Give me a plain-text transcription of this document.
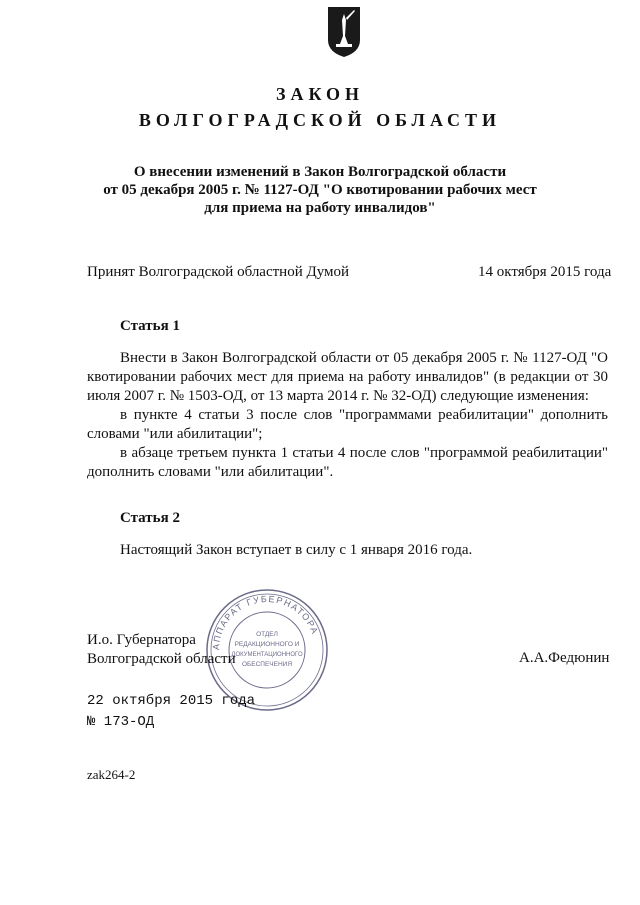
ЗАКОН
ВОЛГОГРАДСКОЙ ОБЛАСТИ
О внесении изменений в Закон Волгоградской области
от 05 декабря 2005 г. № 1127-ОД "О квотировании рабочих мест
для приема на работу инвалидов"
Принят Волгоградской областной Думой	14 октября 2015 года
Статья 1

Внести в Закон Волгоградской области от 05 декабря 2005 г. № 1127-ОД "О квотировании рабочих мест для приема на работу инвалидов" (в редакции от 30 июля 2007 г. № 1503-ОД, от 13 марта 2014 г. № 32-ОД) следующие изменения:

в пункте 4 статьи 3 после слов "программами реабилитации" дополнить словами "или абилитации";

в абзаце третьем пункта 1 статьи 4 после слов "программой реабилитации" дополнить словами "или абилитации".

Статья 2
Настоящий Закон вступает в силу с 1 января 2016 года.
АППАРАТ ГУБЕРНАТОРА
ОТДЕЛ
РЕДАКЦИОННОГО И
ДОКУМЕНТАЦИОННОГО
ОБЕСПЕЧЕНИЯ
И.о. Губернатора
Волгоградской области	А.А.Федюнин
22 октября 2015 года
№ 173-ОД
zak264-2
